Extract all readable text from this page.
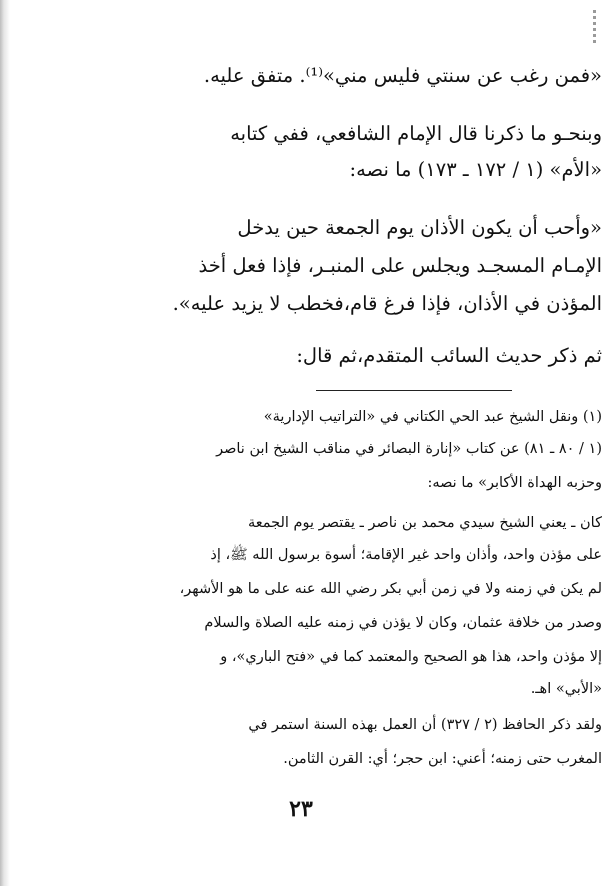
«فمن رغب عن سنتي فليس مني»⁽¹⁾. متفق عليه.
وبنحـو ما ذكرنا قال الإمام الشافعي، ففي كتابه
«الأم» (١ / ١٧٢ ـ ١٧٣) ما نصه:
«وأحب أن يكون الأذان يوم الجمعة حين يدخل
الإمـام المسجـد ويجلس على المنبـر، فإذا فعل أخذ
المؤذن في الأذان، فإذا فرغ قام،فخطب لا يزيد عليه».
ثم ذكر حديث السائب المتقدم،ثم قال:
(١) ونقل الشيخ عبد الحي الكتاني في «التراتيب الإدارية»
(١ / ٨٠ ـ ٨١) عن كتاب «إنارة البصائر في مناقب الشيخ ابن ناصر
وحزبه الهداة الأكابر» ما نصه:
كان ـ يعني الشيخ سيدي محمد بن ناصر ـ يقتصر يوم الجمعة
على مؤذن واحد، وأذان واحد غير الإقامة؛ أسوة برسول الله ﷺ، إذ
لم يكن في زمنه ولا في زمن أبي بكر رضي الله عنه على ما هو الأشهر،
وصدر من خلافة عثمان، وكان لا يؤذن في زمنه عليه الصلاة والسلام
إلا مؤذن واحد، هذا هو الصحيح والمعتمد كما في «فتح الباري»، و
«الأبي» اهـ.
ولقد ذكر الحافظ (٢ / ٣٢٧) أن العمل بهذه السنة استمر في
المغرب حتى زمنه؛ أعني: ابن حجر؛ أي: القرن الثامن.
٢٣
